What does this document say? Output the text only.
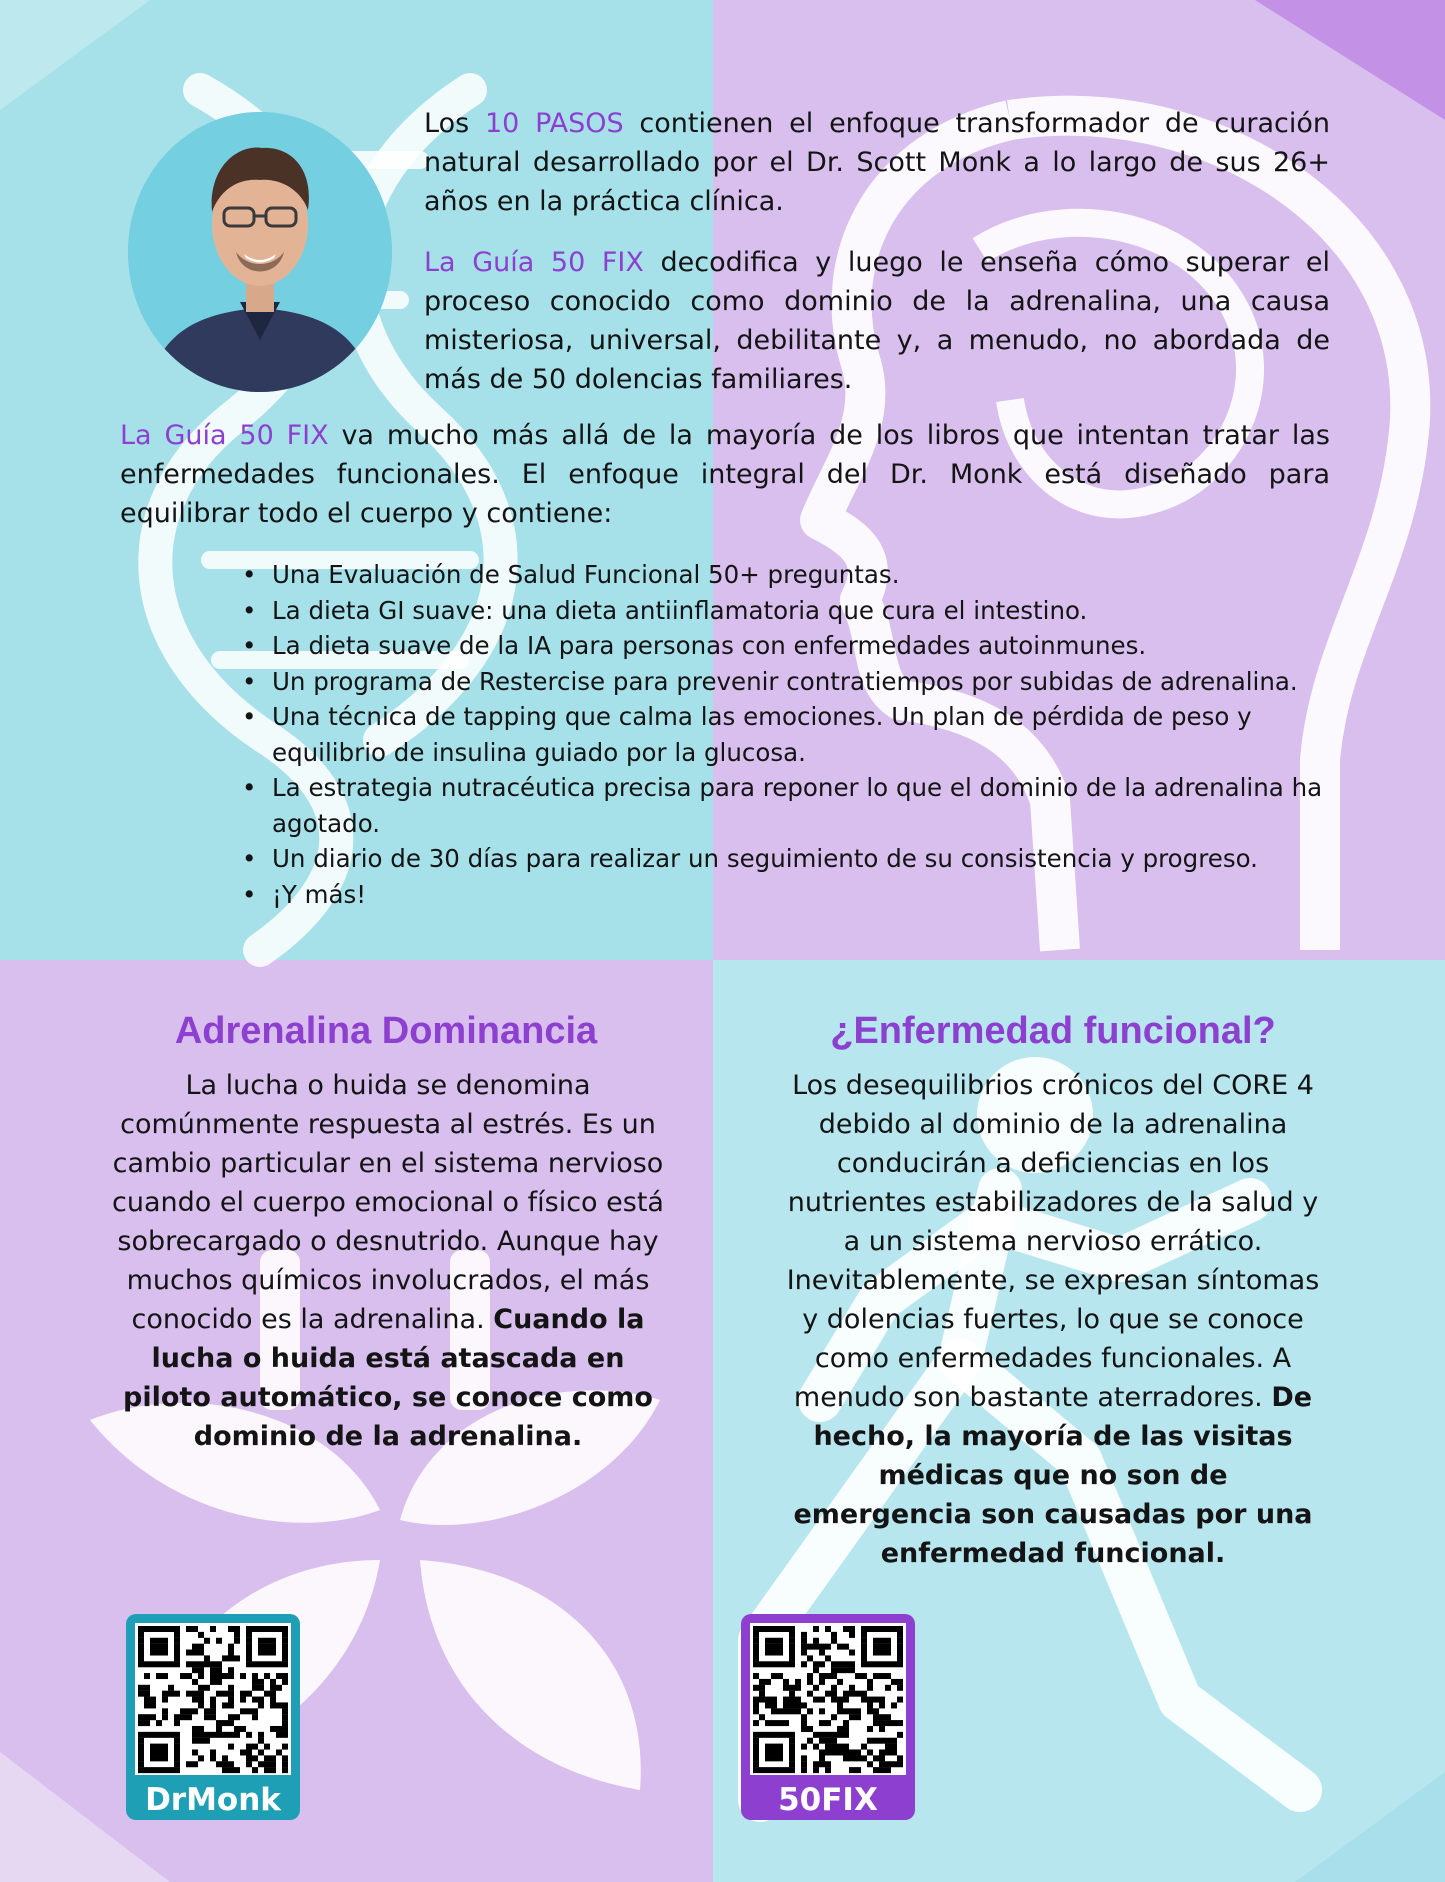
Los 10 PASOS contienen el enfoque transformador de curación natural desarrollado por el Dr. Scott Monk a lo largo de sus 26+ años en la práctica clínica.

La Guía 50 FIX decodifica y luego le enseña cómo superar el proceso conocido como dominio de la adrenalina, una causa misteriosa, universal, debilitante y, a menudo, no abordada de más de 50 dolencias familiares.

La Guía 50 FIX va mucho más allá de la mayoría de los libros que intentan tratar las enfermedades funcionales. El enfoque integral del Dr. Monk está diseñado para equilibrar todo el cuerpo y contiene:

• Una Evaluación de Salud Funcional 50+ preguntas.
• La dieta GI suave: una dieta antiinflamatoria que cura el intestino.
• La dieta suave de la IA para personas con enfermedades autoinmunes.
• Un programa de Restercise para prevenir contratiempos por subidas de adrenalina.
• Una técnica de tapping que calma las emociones. Un plan de pérdida de peso y equilibrio de insulina guiado por la glucosa.
• La estrategia nutracéutica precisa para reponer lo que el dominio de la adrenalina ha agotado.
• Un diario de 30 días para realizar un seguimiento de su consistencia y progreso.
• ¡Y más!
Adrenalina Dominancia

La lucha o huida se denomina comúnmente respuesta al estrés. Es un cambio particular en el sistema nervioso cuando el cuerpo emocional o físico está sobrecargado o desnutrido. Aunque hay muchos químicos involucrados, el más conocido es la adrenalina. Cuando la lucha o huida está atascada en piloto automático, se conoce como dominio de la adrenalina.

¿Enfermedad funcional?

Los desequilibrios crónicos del CORE 4 debido al dominio de la adrenalina conducirán a deficiencias en los nutrientes estabilizadores de la salud y a un sistema nervioso errático. Inevitablemente, se expresan síntomas y dolencias fuertes, lo que se conoce como enfermedades funcionales. A menudo son bastante aterradores. De hecho, la mayoría de las visitas médicas que no son de emergencia son causadas por una enfermedad funcional.

DrMonk	50FIX
